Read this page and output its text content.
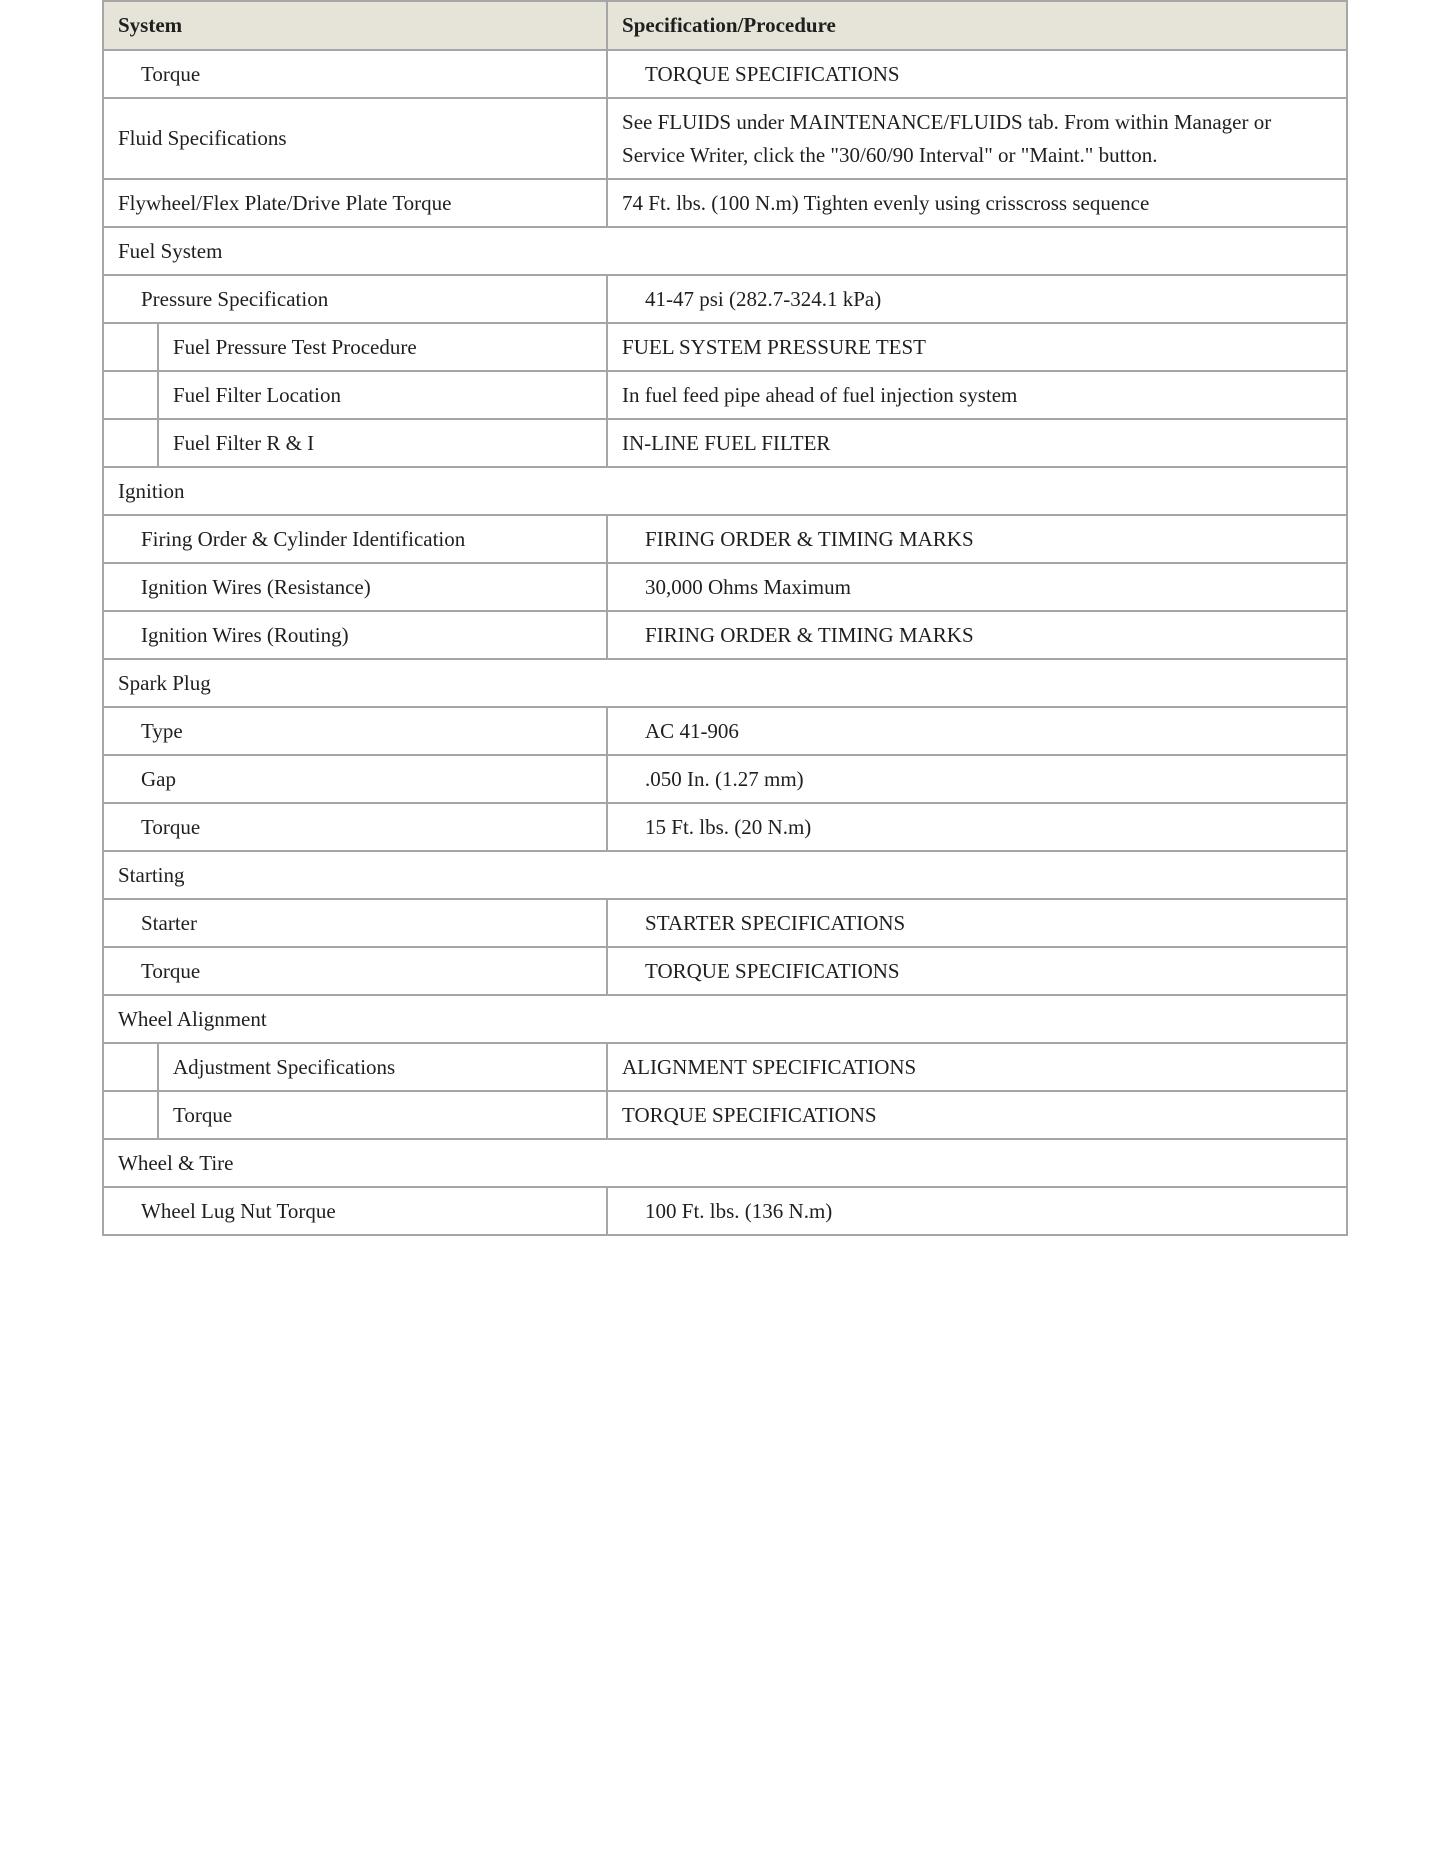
System		Specification/Procedure
Torque		TORQUE SPECIFICATIONS
Fluid Specifications		See FLUIDS under MAINTENANCE/FLUIDS tab. From within Manager or Service Writer, click the "30/60/90 Interval" or "Maint." button.
Flywheel/Flex Plate/Drive Plate Torque		74 Ft. lbs. (100 N.m) Tighten evenly using crisscross sequence
Fuel System		
Pressure Specification		41-47 psi (282.7-324.1 kPa)
	Fuel Pressure Test Procedure	FUEL SYSTEM PRESSURE TEST
	Fuel Filter Location	In fuel feed pipe ahead of fuel injection system
	Fuel Filter R & I	IN-LINE FUEL FILTER
Ignition		
Firing Order & Cylinder Identification		FIRING ORDER & TIMING MARKS
Ignition Wires (Resistance)		30,000 Ohms Maximum
Ignition Wires (Routing)		FIRING ORDER & TIMING MARKS
Spark Plug		
Type		AC 41-906
Gap		.050 In. (1.27 mm)
Torque		15 Ft. lbs. (20 N.m)
Starting		
Starter		STARTER SPECIFICATIONS
Torque		TORQUE SPECIFICATIONS
Wheel Alignment		
	Adjustment Specifications	ALIGNMENT SPECIFICATIONS
	Torque	TORQUE SPECIFICATIONS
Wheel & Tire		
Wheel Lug Nut Torque		100 Ft. lbs. (136 N.m)
